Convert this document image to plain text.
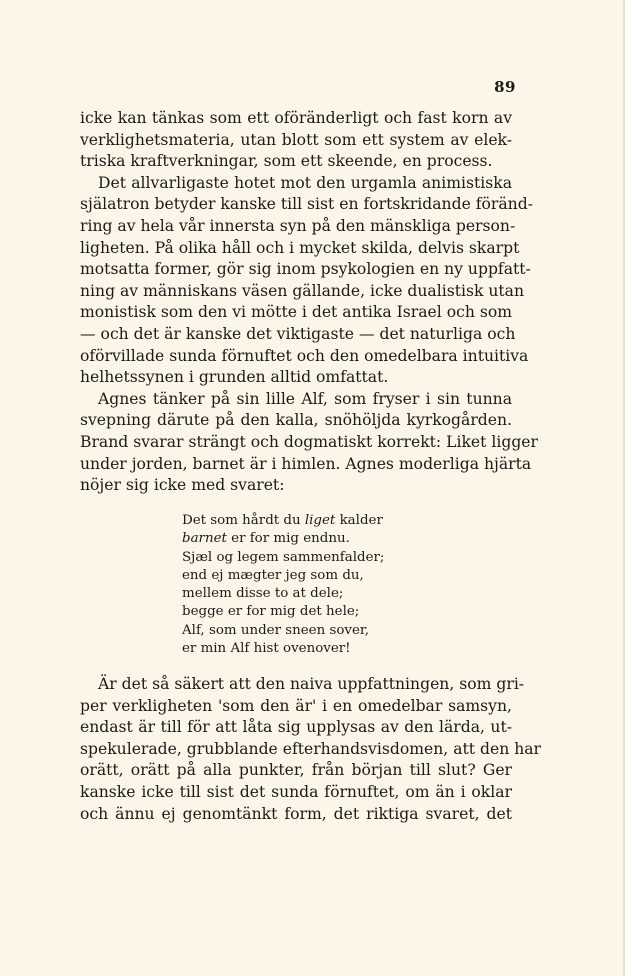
89
icke kan tänkas som ett oföränderligt och fast korn av
verklighetsmateria, utan blott som ett system av elek-
triska kraftverkningar, som ett skeende, en process.
Det allvarligaste hotet mot den urgamla animistiska
själatron betyder kanske till sist en fortskridande föränd-
ring av hela vår innersta syn på den mänskliga person-
ligheten. På olika håll och i mycket skilda, delvis skarpt
motsatta former, gör sig inom psykologien en ny uppfatt-
ning av människans väsen gällande, icke dualistisk utan
monistisk som den vi mötte i det antika Israel och som
— och det är kanske det viktigaste — det naturliga och
oförvillade sunda förnuftet och den omedelbara intuitiva
helhetssynen i grunden alltid omfattat.
Agnes tänker på sin lille Alf, som fryser i sin tunna
svepning därute på den kalla, snöhöljda kyrkogården.
Brand svarar strängt och dogmatiskt korrekt: Liket ligger
under jorden, barnet är i himlen. Agnes moderliga hjärta
nöjer sig icke med svaret:
Det som hårdt du liget kalder
barnet er for mig endnu.
Sjæl og legem sammenfalder;
end ej mægter jeg som du,
mellem disse to at dele;
begge er for mig det hele;
Alf, som under sneen sover,
er min Alf hist ovenover!
Är det så säkert att den naiva uppfattningen, som gri-
per verkligheten 'som den är' i en omedelbar samsyn,
endast är till för att låta sig upplysas av den lärda, ut-
spekulerade, grubblande efterhandsvisdomen, att den har
orätt, orätt på alla punkter, från början till slut? Ger
kanske icke till sist det sunda förnuftet, om än i oklar
och ännu ej genomtänkt form, det riktiga svaret, det
